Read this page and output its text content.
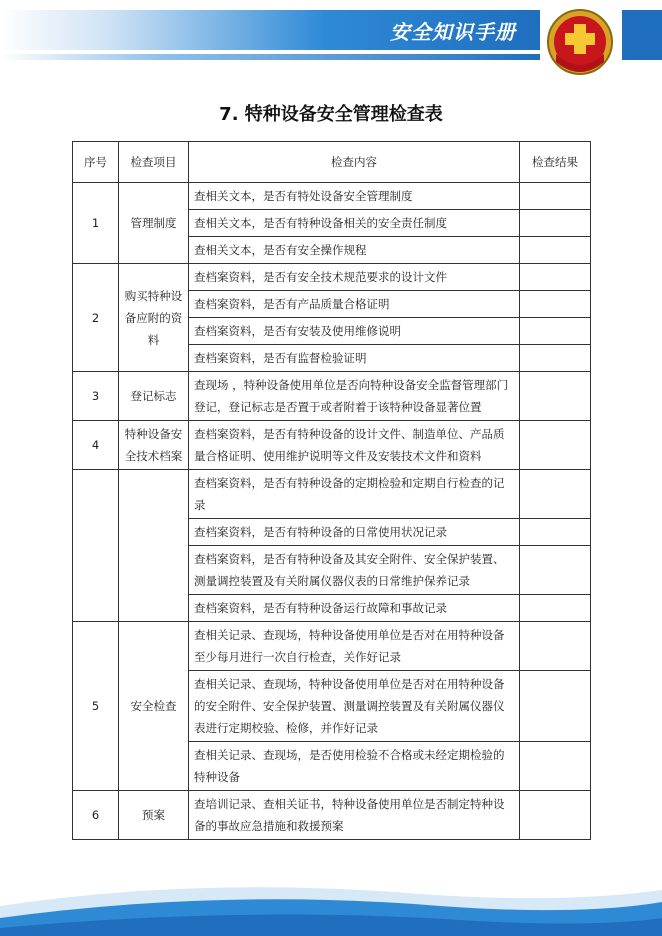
安全知识手册
7. 特种设备安全管理检查表
序号	检查项目	检查内容	检查结果
1	管理制度	查相关文本，是否有特处设备安全管理制度	
		查相关文本，是否有特种设备相关的安全责任制度	
		查相关文本，是否有安全操作规程	
2	购买特种设备应附的资料	查档案资料，是否有安全技术规范要求的设计文件	
		查档案资料，是否有产品质量合格证明	
		查档案资料，是否有安装及使用维修说明	
		查档案资料，是否有监督检验证明	
3	登记标志	查现场 ，特种设备使用单位是否向特种设备安全监督管理部门登记，登记标志是否置于或者附着于该特种设备显著位置	
4	特种设备安全技术档案	查档案资料，是否有特种设备的设计文件、制造单位、产品质量合格证明、使用维护说明等文件及安装技术文件和资料	
		查档案资料，是否有特种设备的定期检验和定期自行检查的记录	
		查档案资料，是否有特种设备的日常使用状况记录	
		查档案资料，是否有特种设备及其安全附件、安全保护装置、测量调控装置及有关附属仪器仪表的日常维护保养记录	
		查档案资料，是否有特种设备运行故障和事故记录	
5	安全检查	查相关记录、查现场，特种设备使用单位是否对在用特种设备至少每月进行一次自行检查，关作好记录	
		查相关记录、查现场，特种设备使用单位是否对在用特种设备的安全附件、安全保护装置、测量调控装置及有关附属仪器仪表进行定期校验、检修，并作好记录	
		查相关记录、查现场，是否使用检验不合格或未经定期检验的特种设备	
6	预案	查培训记录、查相关证书，特种设备使用单位是否制定特种设备的事故应急措施和救援预案	
